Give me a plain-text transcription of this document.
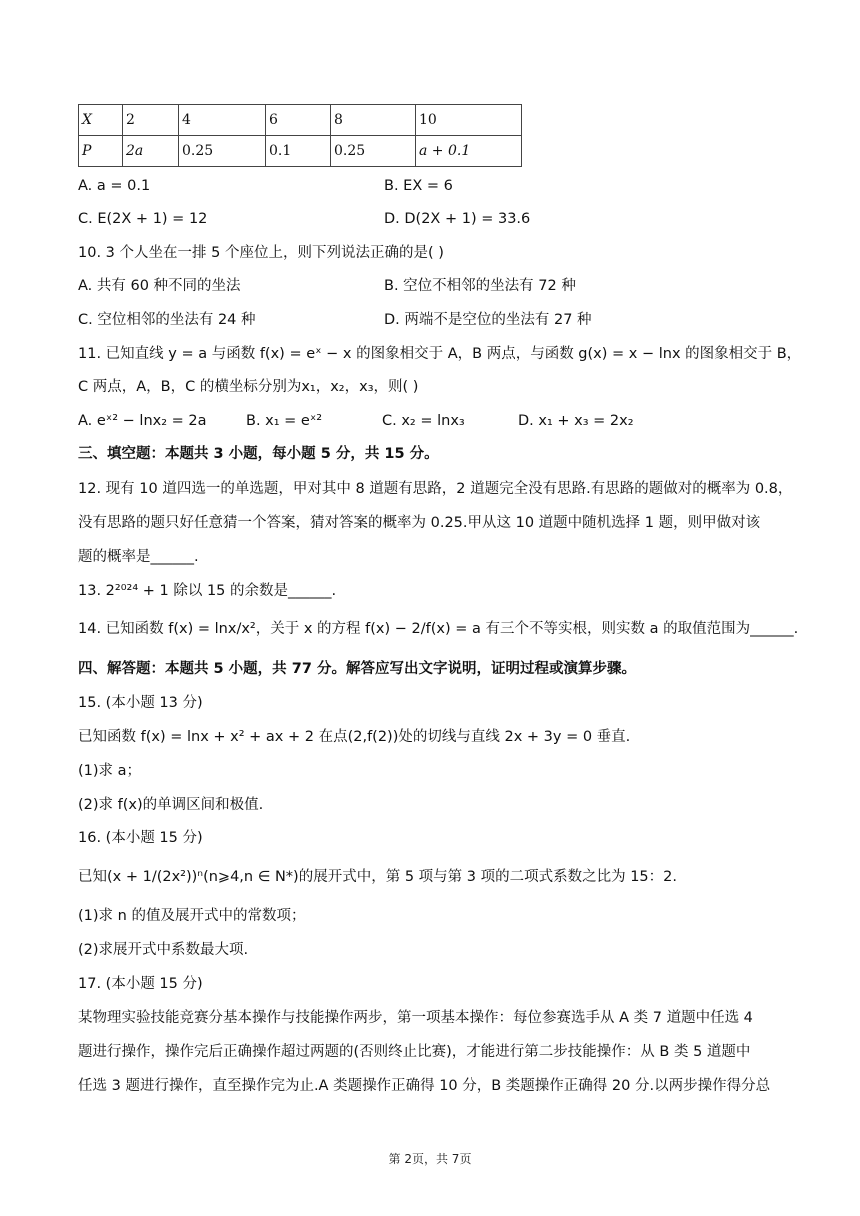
X	2	4	6	8	10
P	2a	0.25	0.1	0.25	a + 0.1
A. a = 0.1	B. EX = 6
C. E(2X + 1) = 12	D. D(2X + 1) = 33.6
10. 3 个人坐在一排 5 个座位上，则下列说法正确的是( )
A. 共有 60 种不同的坐法	B. 空位不相邻的坐法有 72 种
C. 空位相邻的坐法有 24 种	D. 两端不是空位的坐法有 27 种
11. 已知直线 y = a 与函数 f(x) = eˣ − x 的图象相交于 A，B 两点，与函数 g(x) = x − lnx 的图象相交于 B，
C 两点，A，B，C 的横坐标分别为x₁，x₂，x₃，则( )
A. eˣ² − lnx₂ = 2a	B. x₁ = eˣ²	C. x₂ = lnx₃	D. x₁ + x₃ = 2x₂
三、填空题：本题共 3 小题，每小题 5 分，共 15 分。
12. 现有 10 道四选一的单选题，甲对其中 8 道题有思路，2 道题完全没有思路.有思路的题做对的概率为 0.8，
没有思路的题只好任意猜一个答案，猜对答案的概率为 0.25.甲从这 10 道题中随机选择 1 题，则甲做对该
题的概率是______.
13. 2²⁰²⁴ + 1 除以 15 的余数是______.
14. 已知函数 f(x) = lnx/x²，关于 x 的方程 f(x) − 2/f(x) = a 有三个不等实根，则实数 a 的取值范围为______.
四、解答题：本题共 5 小题，共 77 分。解答应写出文字说明，证明过程或演算步骤。
15. (本小题 13 分)
已知函数 f(x) = lnx + x² + ax + 2 在点(2,f(2))处的切线与直线 2x + 3y = 0 垂直.
(1)求 a；
(2)求 f(x)的单调区间和极值.
16. (本小题 15 分)
已知(x + 1/(2x²))ⁿ(n⩾4,n ∈ N*)的展开式中，第 5 项与第 3 项的二项式系数之比为 15：2.
(1)求 n 的值及展开式中的常数项；
(2)求展开式中系数最大项.
17. (本小题 15 分)
某物理实验技能竞赛分基本操作与技能操作两步，第一项基本操作：每位参赛选手从 A 类 7 道题中任选 4
题进行操作，操作完后正确操作超过两题的(否则终止比赛)，才能进行第二步技能操作：从 B 类 5 道题中
任选 3 题进行操作，直至操作完为止.A 类题操作正确得 10 分，B 类题操作正确得 20 分.以两步操作得分总
第 2页，共 7页
